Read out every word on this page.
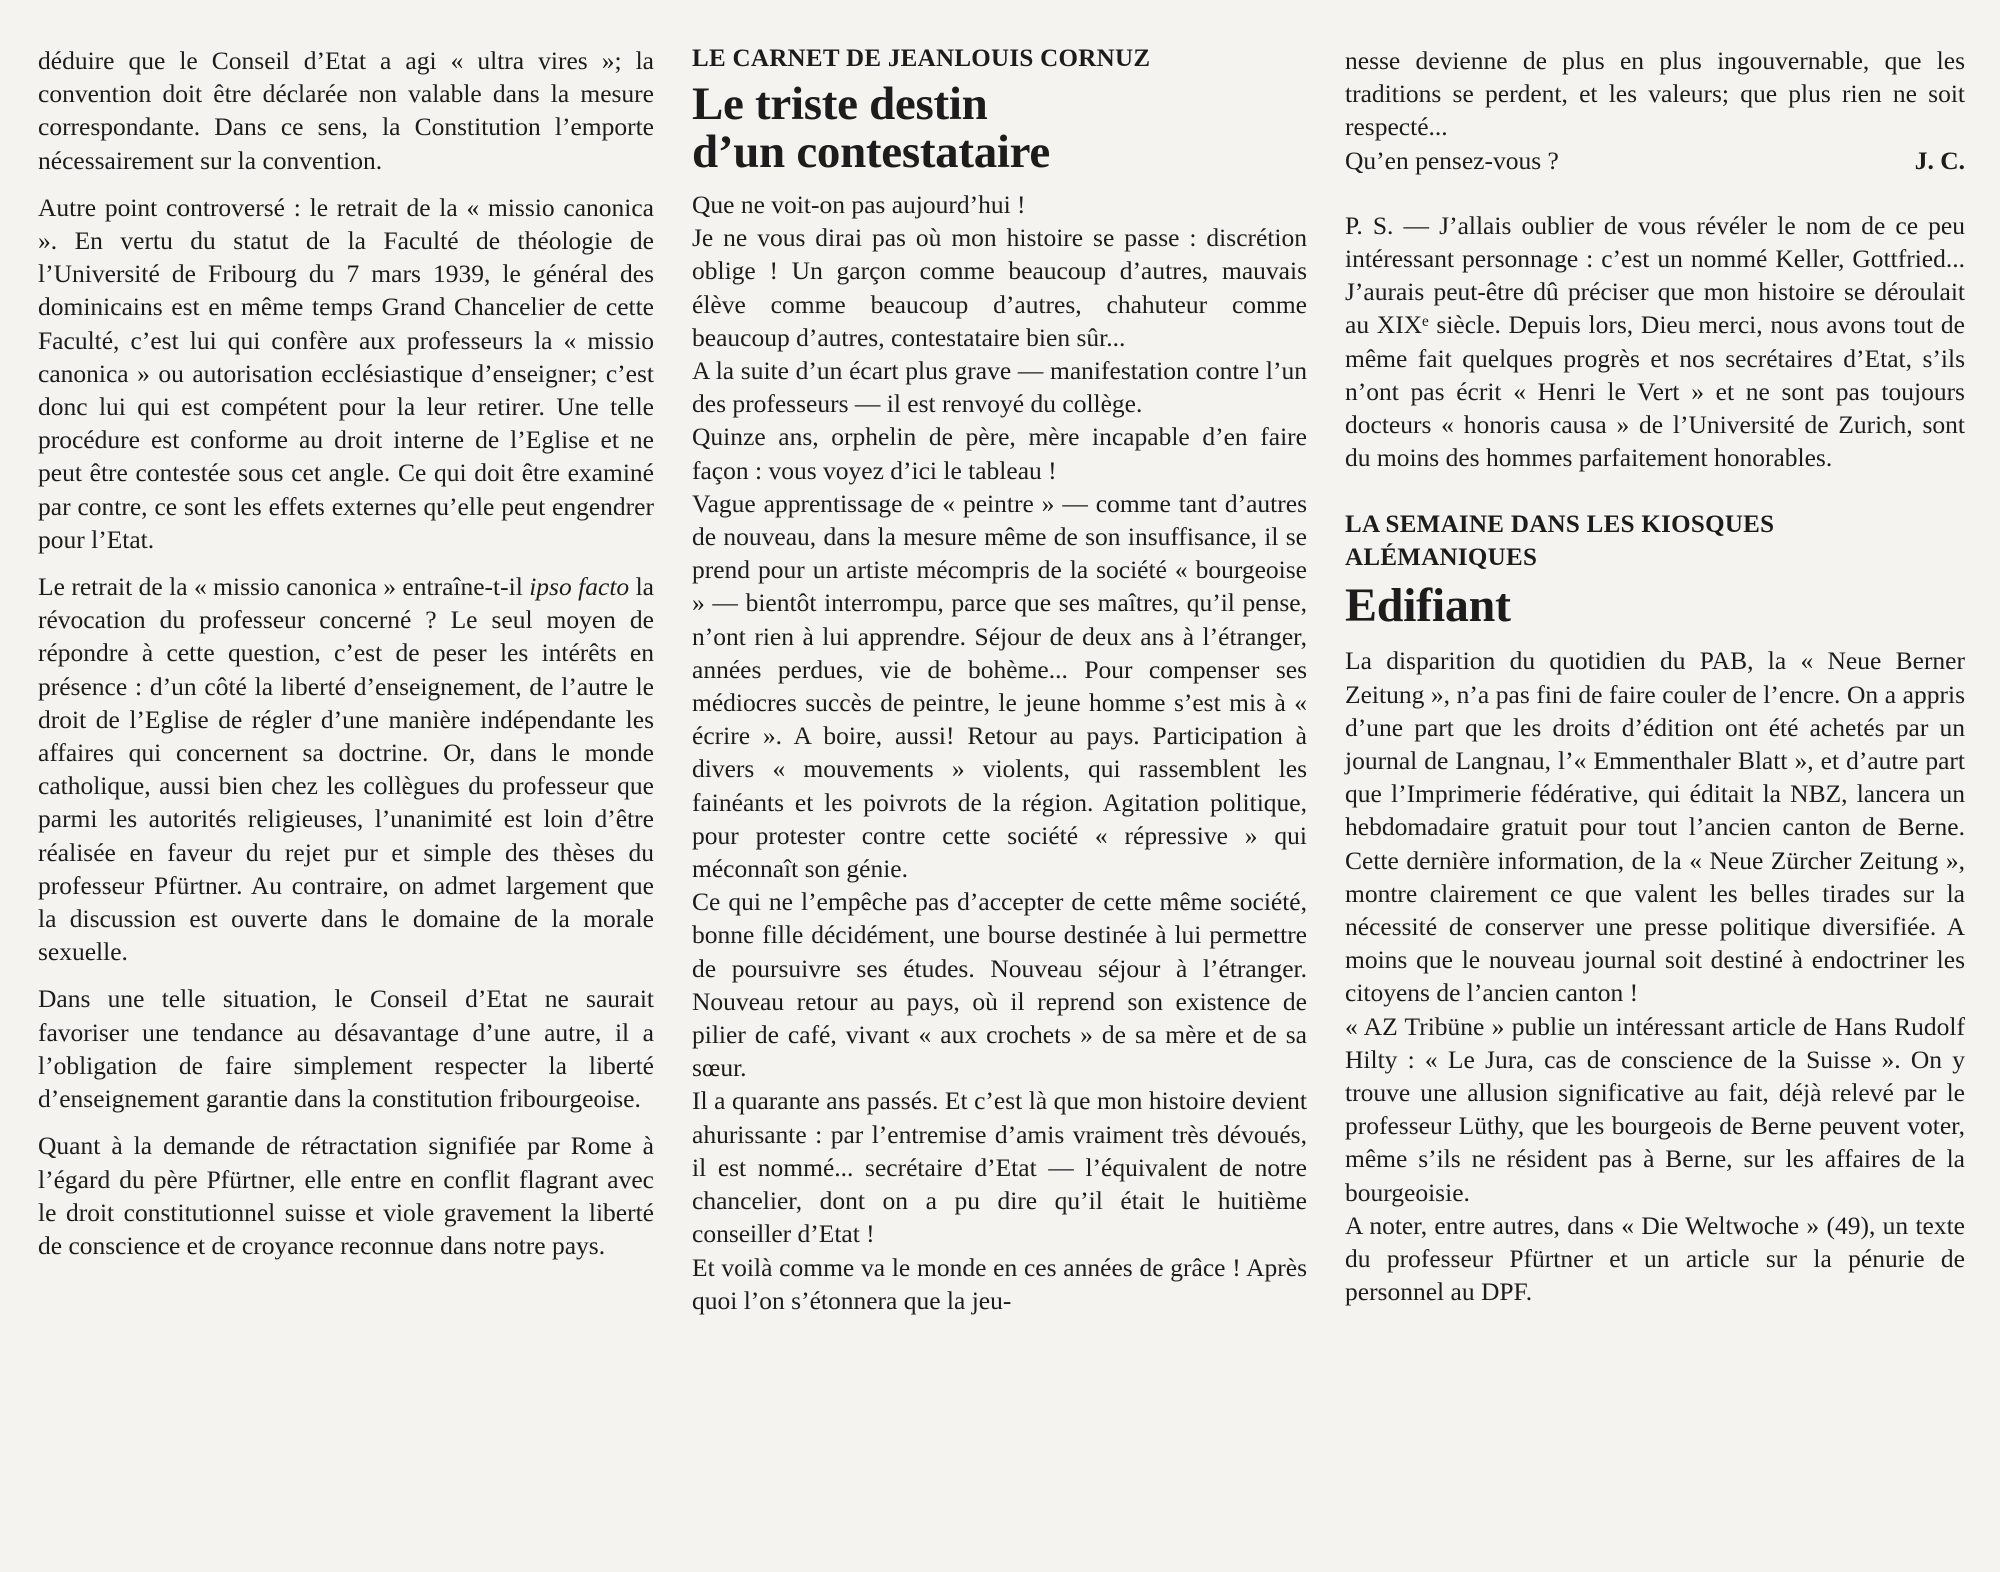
déduire que le Conseil d’Etat a agi « ultra vires »; la convention doit être déclarée non valable dans la mesure correspondante. Dans ce sens, la Constitution l’emporte nécessairement sur la convention.

Autre point controversé : le retrait de la « missio canonica ». En vertu du statut de la Faculté de théologie de l’Université de Fribourg du 7 mars 1939, le général des dominicains est en même temps Grand Chancelier de cette Faculté, c’est lui qui confère aux professeurs la « missio canonica » ou autorisation ecclésiastique d’enseigner; c’est donc lui qui est compétent pour la leur retirer. Une telle procédure est conforme au droit interne de l’Eglise et ne peut être contestée sous cet angle. Ce qui doit être examiné par contre, ce sont les effets externes qu’elle peut engendrer pour l’Etat.

Le retrait de la « missio canonica » entraîne-t-il ipso facto la révocation du professeur concerné ? Le seul moyen de répondre à cette question, c’est de peser les intérêts en présence : d’un côté la liberté d’enseignement, de l’autre le droit de l’Eglise de régler d’une manière indépendante les affaires qui concernent sa doctrine. Or, dans le monde catholique, aussi bien chez les collègues du professeur que parmi les autorités religieuses, l’unanimité est loin d’être réalisée en faveur du rejet pur et simple des thèses du professeur Pfürtner. Au contraire, on admet largement que la discussion est ouverte dans le domaine de la morale sexuelle.

Dans une telle situation, le Conseil d’Etat ne saurait favoriser une tendance au désavantage d’une autre, il a l’obligation de faire simplement respecter la liberté d’enseignement garantie dans la constitution fribourgeoise.

Quant à la demande de rétractation signifiée par Rome à l’égard du père Pfürtner, elle entre en conflit flagrant avec le droit constitutionnel suisse et viole gravement la liberté de conscience et de croyance reconnue dans notre pays.

LE CARNET DE JEANLOUIS CORNUZ
Le triste destin
d’un contestataire

Que ne voit-on pas aujourd’hui !

Je ne vous dirai pas où mon histoire se passe : discrétion oblige ! Un garçon comme beaucoup d’autres, mauvais élève comme beaucoup d’autres, chahuteur comme beaucoup d’autres, contestataire bien sûr...

A la suite d’un écart plus grave — manifestation contre l’un des professeurs — il est renvoyé du collège.

Quinze ans, orphelin de père, mère incapable d’en faire façon : vous voyez d’ici le tableau !

Vague apprentissage de « peintre » — comme tant d’autres de nouveau, dans la mesure même de son insuffisance, il se prend pour un artiste mécompris de la société « bourgeoise » — bientôt interrompu, parce que ses maîtres, qu’il pense, n’ont rien à lui apprendre. Séjour de deux ans à l’étranger, années perdues, vie de bohème... Pour compenser ses médiocres succès de peintre, le jeune homme s’est mis à « écrire ». A boire, aussi! Retour au pays. Participation à divers « mouvements » violents, qui rassemblent les fainéants et les poivrots de la région. Agitation politique, pour protester contre cette société « répressive » qui méconnaît son génie.

Ce qui ne l’empêche pas d’accepter de cette même société, bonne fille décidément, une bourse destinée à lui permettre de poursuivre ses études. Nouveau séjour à l’étranger. Nouveau retour au pays, où il reprend son existence de pilier de café, vivant « aux crochets » de sa mère et de sa sœur.

Il a quarante ans passés. Et c’est là que mon histoire devient ahurissante : par l’entremise d’amis vraiment très dévoués, il est nommé... secrétaire d’Etat — l’équivalent de notre chancelier, dont on a pu dire qu’il était le huitième conseiller d’Etat !

Et voilà comme va le monde en ces années de grâce ! Après quoi l’on s’étonnera que la jeu-

nesse devienne de plus en plus ingouvernable, que les traditions se perdent, et les valeurs; que plus rien ne soit respecté...

Qu’en pensez-vous ?	J. C.

P. S. — J’allais oublier de vous révéler le nom de ce peu intéressant personnage : c’est un nommé Keller, Gottfried... J’aurais peut-être dû préciser que mon histoire se déroulait au XIXᵉ siècle. Depuis lors, Dieu merci, nous avons tout de même fait quelques progrès et nos secrétaires d’Etat, s’ils n’ont pas écrit « Henri le Vert » et ne sont pas toujours docteurs « honoris causa » de l’Université de Zurich, sont du moins des hommes parfaitement honorables.

LA SEMAINE DANS LES KIOSQUES ALÉMANIQUES
Edifiant

La disparition du quotidien du PAB, la « Neue Berner Zeitung », n’a pas fini de faire couler de l’encre. On a appris d’une part que les droits d’édition ont été achetés par un journal de Langnau, l’« Emmenthaler Blatt », et d’autre part que l’Imprimerie fédérative, qui éditait la NBZ, lancera un hebdomadaire gratuit pour tout l’ancien canton de Berne. Cette dernière information, de la « Neue Zürcher Zeitung », montre clairement ce que valent les belles tirades sur la nécessité de conserver une presse politique diversifiée. A moins que le nouveau journal soit destiné à endoctriner les citoyens de l’ancien canton !

« AZ Tribüne » publie un intéressant article de Hans Rudolf Hilty : « Le Jura, cas de conscience de la Suisse ». On y trouve une allusion significative au fait, déjà relevé par le professeur Lüthy, que les bourgeois de Berne peuvent voter, même s’ils ne résident pas à Berne, sur les affaires de la bourgeoisie.

A noter, entre autres, dans « Die Weltwoche » (49), un texte du professeur Pfürtner et un article sur la pénurie de personnel au DPF.
